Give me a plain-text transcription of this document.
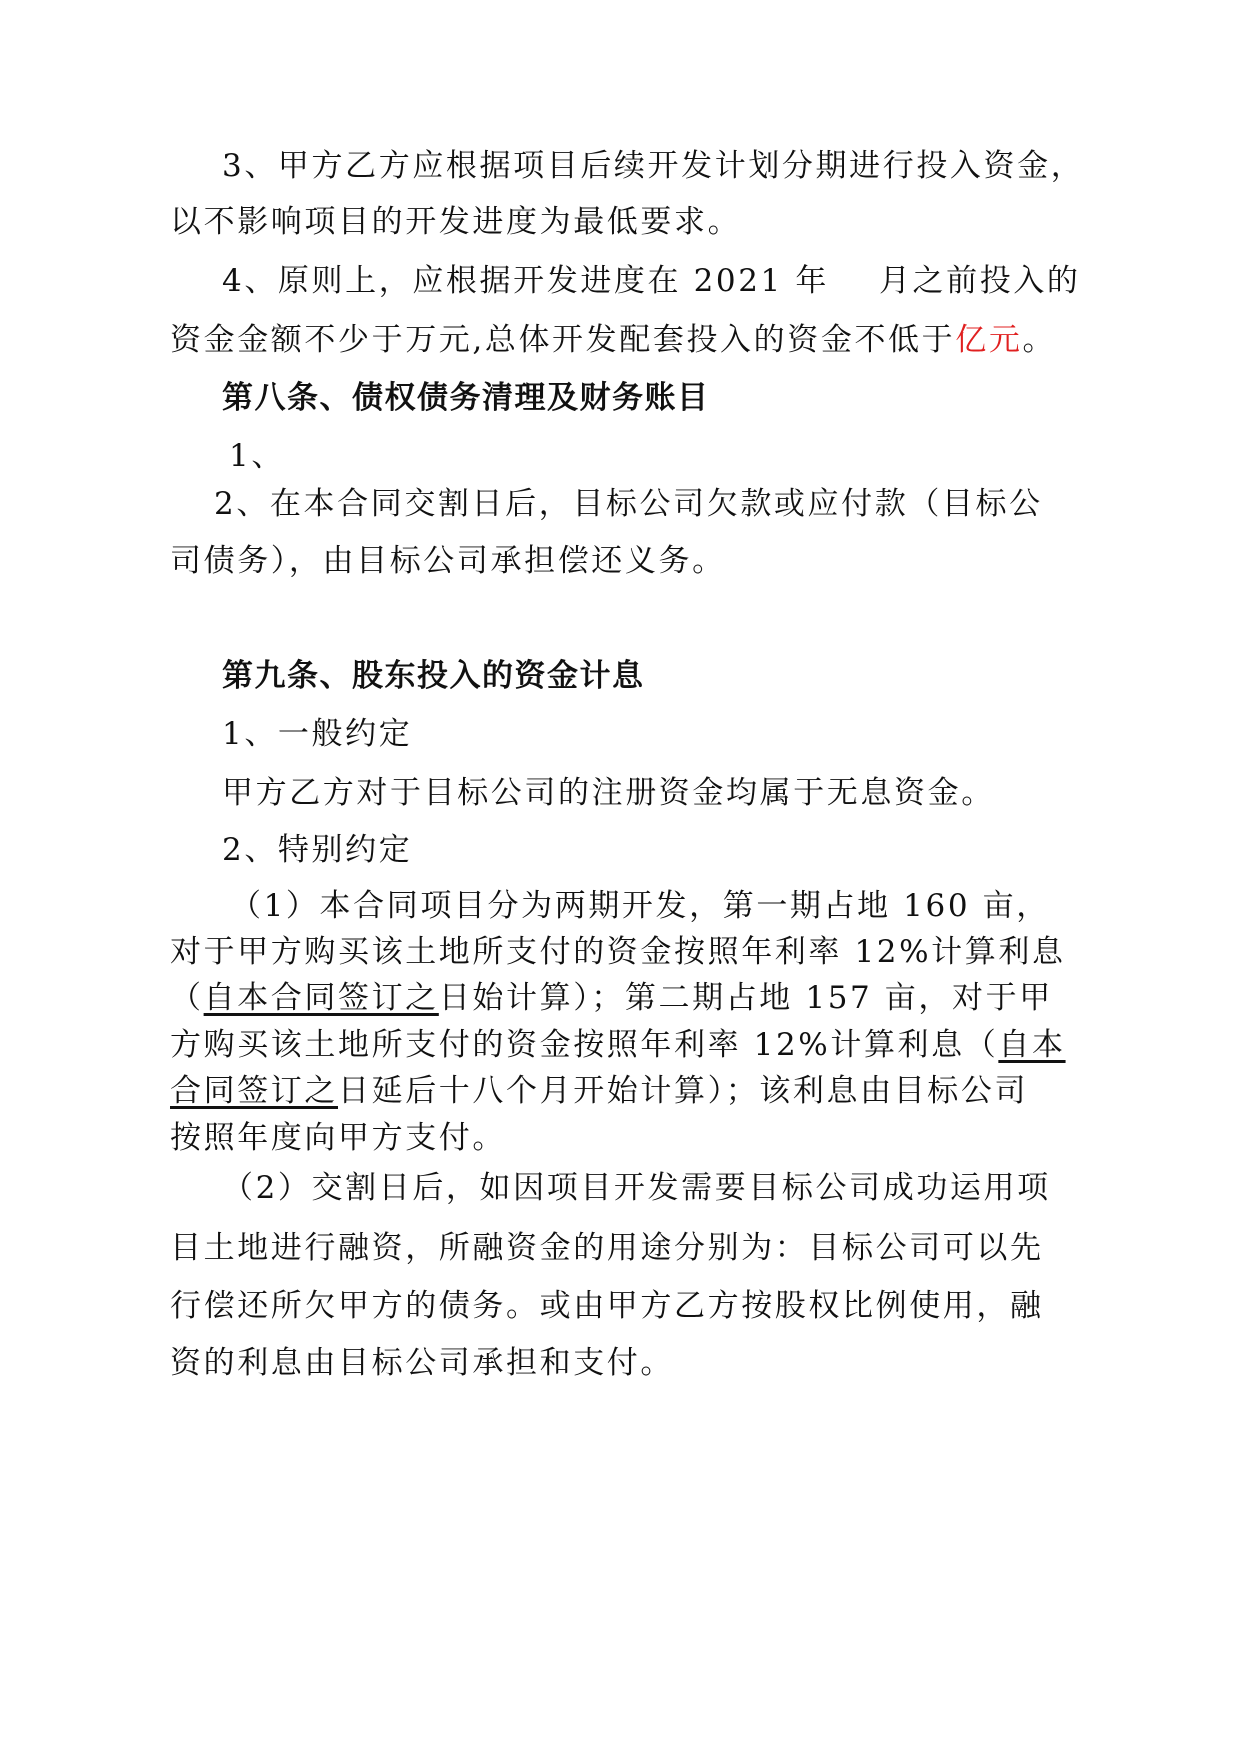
3、甲方乙方应根据项目后续开发计划分期进行投入资金，
以不影响项目的开发进度为最低要求。
4、原则上，应根据开发进度在 2021 年 月之前投入的
资金金额不少于万元,总体开发配套投入的资金不低于亿元。
第八条、债权债务清理及财务账目
1、
2、在本合同交割日后，目标公司欠款或应付款（目标公
司债务），由目标公司承担偿还义务。
第九条、股东投入的资金计息
1、一般约定
甲方乙方对于目标公司的注册资金均属于无息资金。
2、特别约定
（1）本合同项目分为两期开发，第一期占地 160 亩，
对于甲方购买该土地所支付的资金按照年利率 12%计算利息
（自本合同签订之日始计算）；第二期占地 157 亩，对于甲
方购买该土地所支付的资金按照年利率 12%计算利息（自本
合同签订之日延后十八个月开始计算）；该利息由目标公司
按照年度向甲方支付。
（2）交割日后，如因项目开发需要目标公司成功运用项
目土地进行融资，所融资金的用途分别为：目标公司可以先
行偿还所欠甲方的债务。或由甲方乙方按股权比例使用，融
资的利息由目标公司承担和支付。
